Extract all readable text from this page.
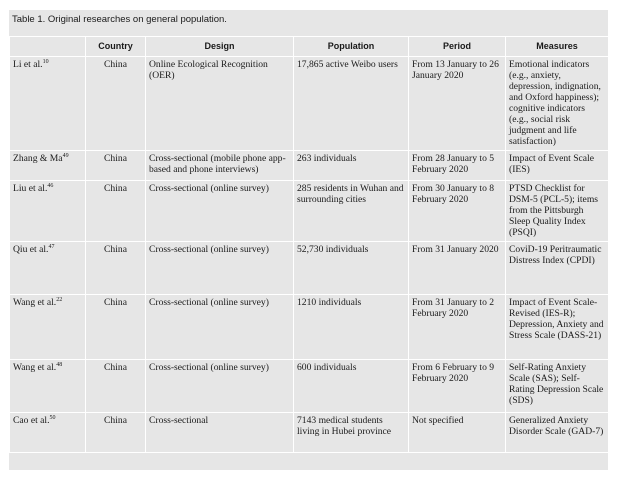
Table 1. Original researches on general population.
	Country	Design	Population	Period	Measures
Li et al.$^{10}$	China	Online Ecological Recognition (OER)	17,865 active Weibo users	From 13 January to 26 January 2020	Emotional indicators (e.g., anxiety, depression, indignation, and Oxford happiness); cognitive indicators (e.g., social risk judgment and life satisfaction)
Zhang & Ma$^{49}$	China	Cross-sectional (mobile phone app-based and phone interviews)	263 individuals	From 28 January to 5 February 2020	Impact of Event Scale (IES)
Liu et al.$^{46}$	China	Cross-sectional (online survey)	285 residents in Wuhan and surrounding cities	From 30 January to 8 February 2020	PTSD Checklist for DSM-5 (PCL-5); items from the Pittsburgh Sleep Quality Index (PSQI)
Qiu et al.$^{47}$	China	Cross-sectional (online survey)	52,730 individuals	From 31 January 2020	CoviD-19 Peritraumatic Distress Index (CPDI)
Wang et al.$^{22}$	China	Cross-sectional (online survey)	1210 individuals	From 31 January to 2 February 2020	Impact of Event Scale-Revised (IES-R); Depression, Anxiety and Stress Scale (DASS-21)
Wang et al.$^{48}$	China	Cross-sectional (online survey)	600 individuals	From 6 February to 9 February 2020	Self-Rating Anxiety Scale (SAS); Self-Rating Depression Scale (SDS)
Cao et al.$^{50}$	China	Cross-sectional	7143 medical students living in Hubei province	Not specified	Generalized Anxiety Disorder Scale (GAD-7)
